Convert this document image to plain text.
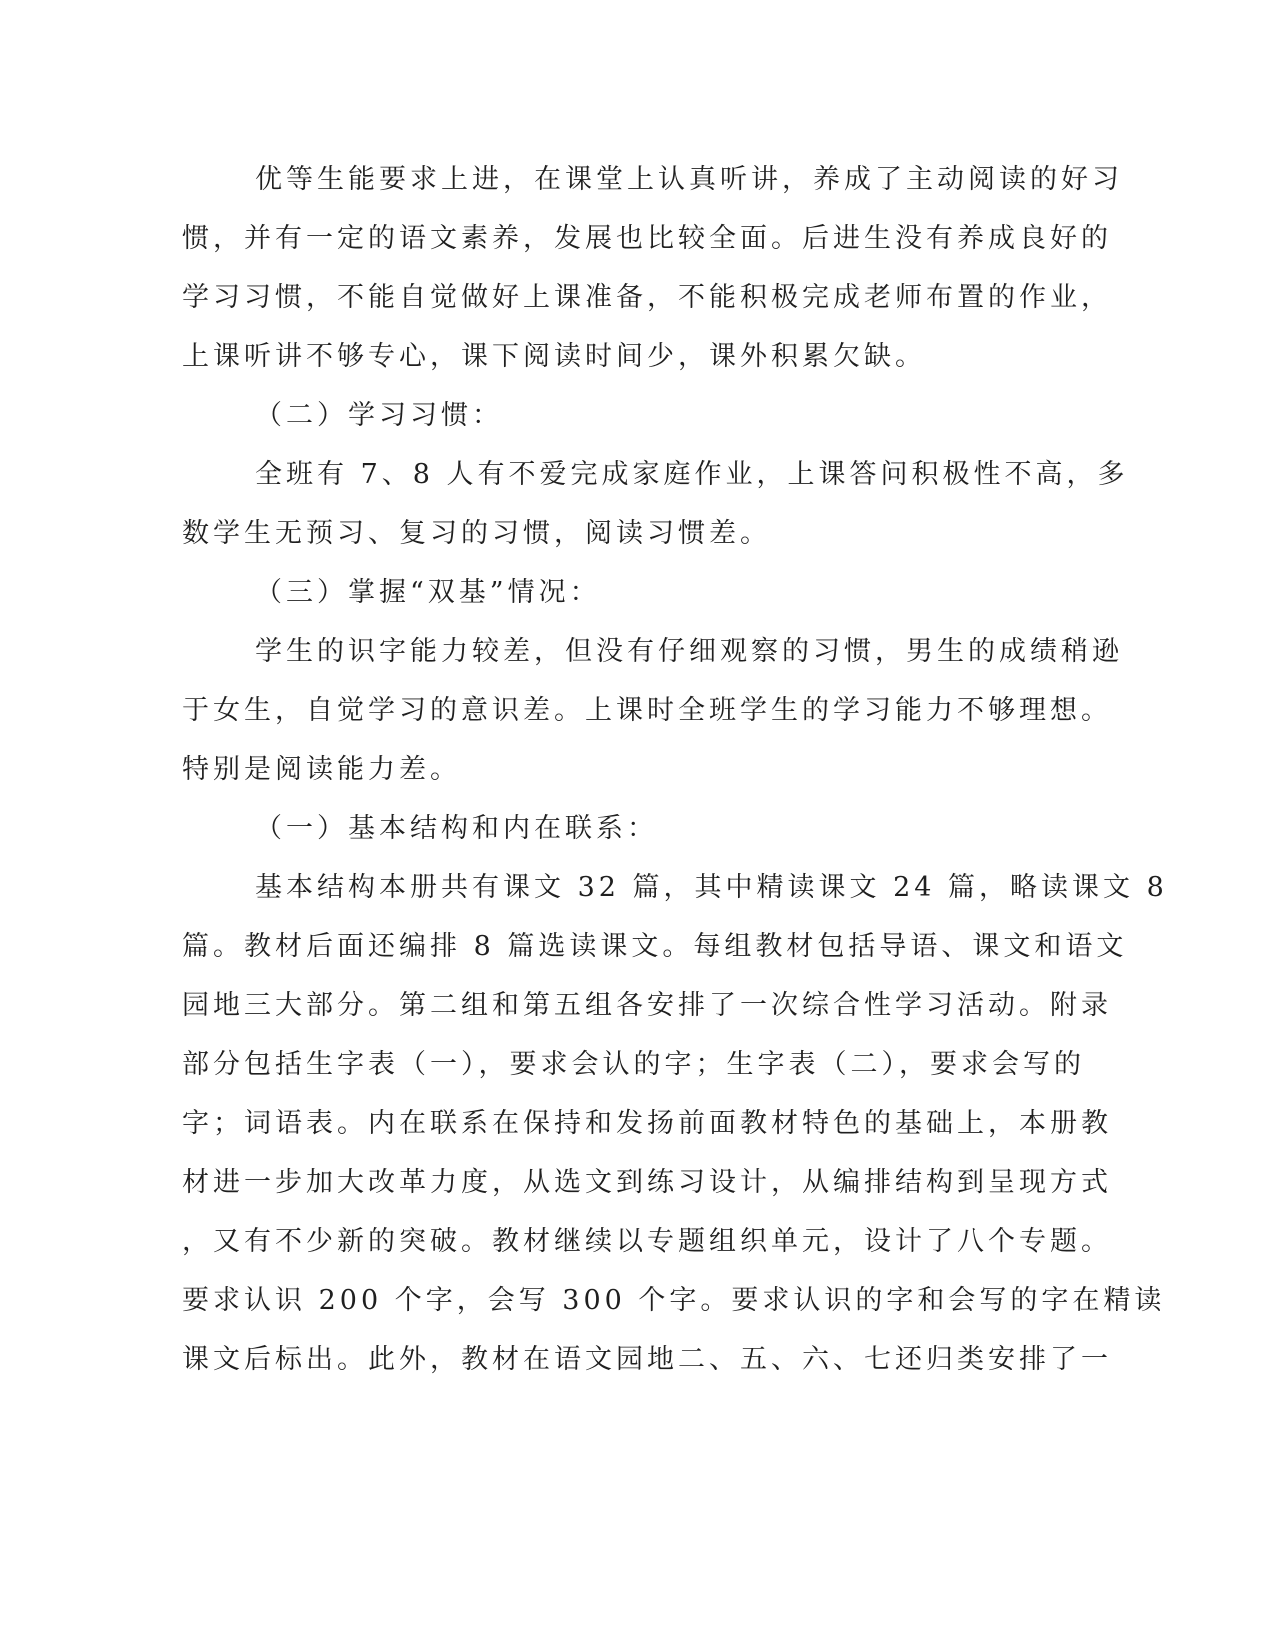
优等生能要求上进，在课堂上认真听讲，养成了主动阅读的好习
惯，并有一定的语文素养，发展也比较全面。后进生没有养成良好的
学习习惯，不能自觉做好上课准备，不能积极完成老师布置的作业，
上课听讲不够专心，课下阅读时间少，课外积累欠缺。
（二）学习习惯：
全班有 7、8 人有不爱完成家庭作业，上课答问积极性不高，多
数学生无预习、复习的习惯，阅读习惯差。
（三）掌握“双基”情况：
学生的识字能力较差，但没有仔细观察的习惯，男生的成绩稍逊
于女生，自觉学习的意识差。上课时全班学生的学习能力不够理想。
特别是阅读能力差。
（一）基本结构和内在联系：
基本结构本册共有课文 32 篇，其中精读课文 24 篇，略读课文 8
篇。教材后面还编排 8 篇选读课文。每组教材包括导语、课文和语文
园地三大部分。第二组和第五组各安排了一次综合性学习活动。附录
部分包括生字表（一），要求会认的字；生字表（二），要求会写的
字；词语表。内在联系在保持和发扬前面教材特色的基础上，本册教
材进一步加大改革力度，从选文到练习设计，从编排结构到呈现方式
，又有不少新的突破。教材继续以专题组织单元，设计了八个专题。
要求认识 200 个字，会写 300 个字。要求认识的字和会写的字在精读
课文后标出。此外，教材在语文园地二、五、六、七还归类安排了一
